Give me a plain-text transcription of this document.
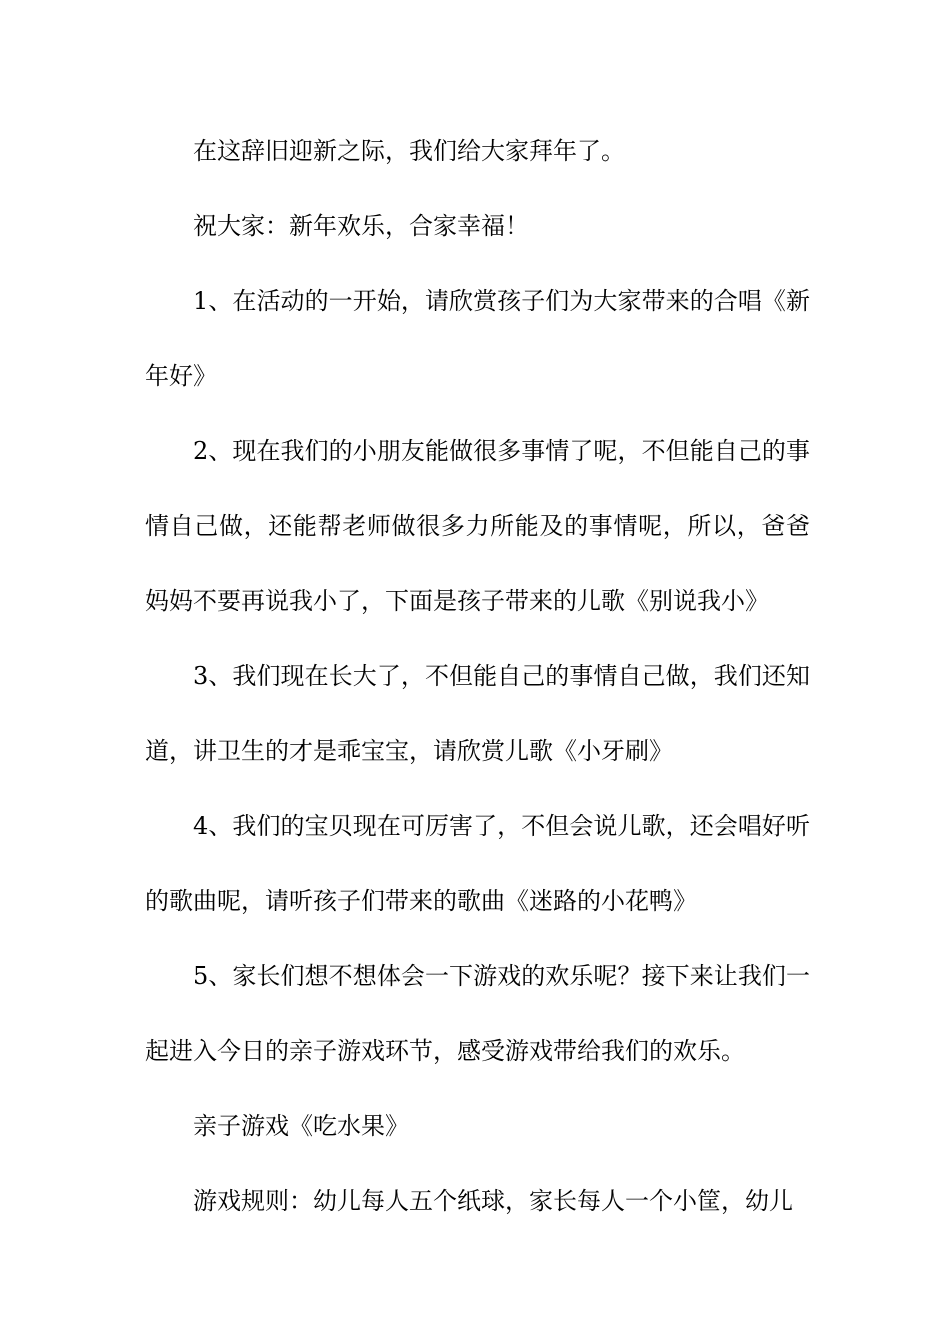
在这辞旧迎新之际，我们给大家拜年了。

祝大家：新年欢乐，合家幸福！

1、在活动的一开始，请欣赏孩子们为大家带来的合唱《新年好》

2、现在我们的小朋友能做很多事情了呢，不但能自己的事情自己做，还能帮老师做很多力所能及的事情呢，所以，爸爸妈妈不要再说我小了，下面是孩子带来的儿歌《别说我小》

3、我们现在长大了，不但能自己的事情自己做，我们还知道，讲卫生的才是乖宝宝，请欣赏儿歌《小牙刷》

4、我们的宝贝现在可厉害了，不但会说儿歌，还会唱好听的歌曲呢，请听孩子们带来的歌曲《迷路的小花鸭》

5、家长们想不想体会一下游戏的欢乐呢？接下来让我们一起进入今日的亲子游戏环节，感受游戏带给我们的欢乐。

亲子游戏《吃水果》

游戏规则：幼儿每人五个纸球，家长每人一个小筐，幼儿
